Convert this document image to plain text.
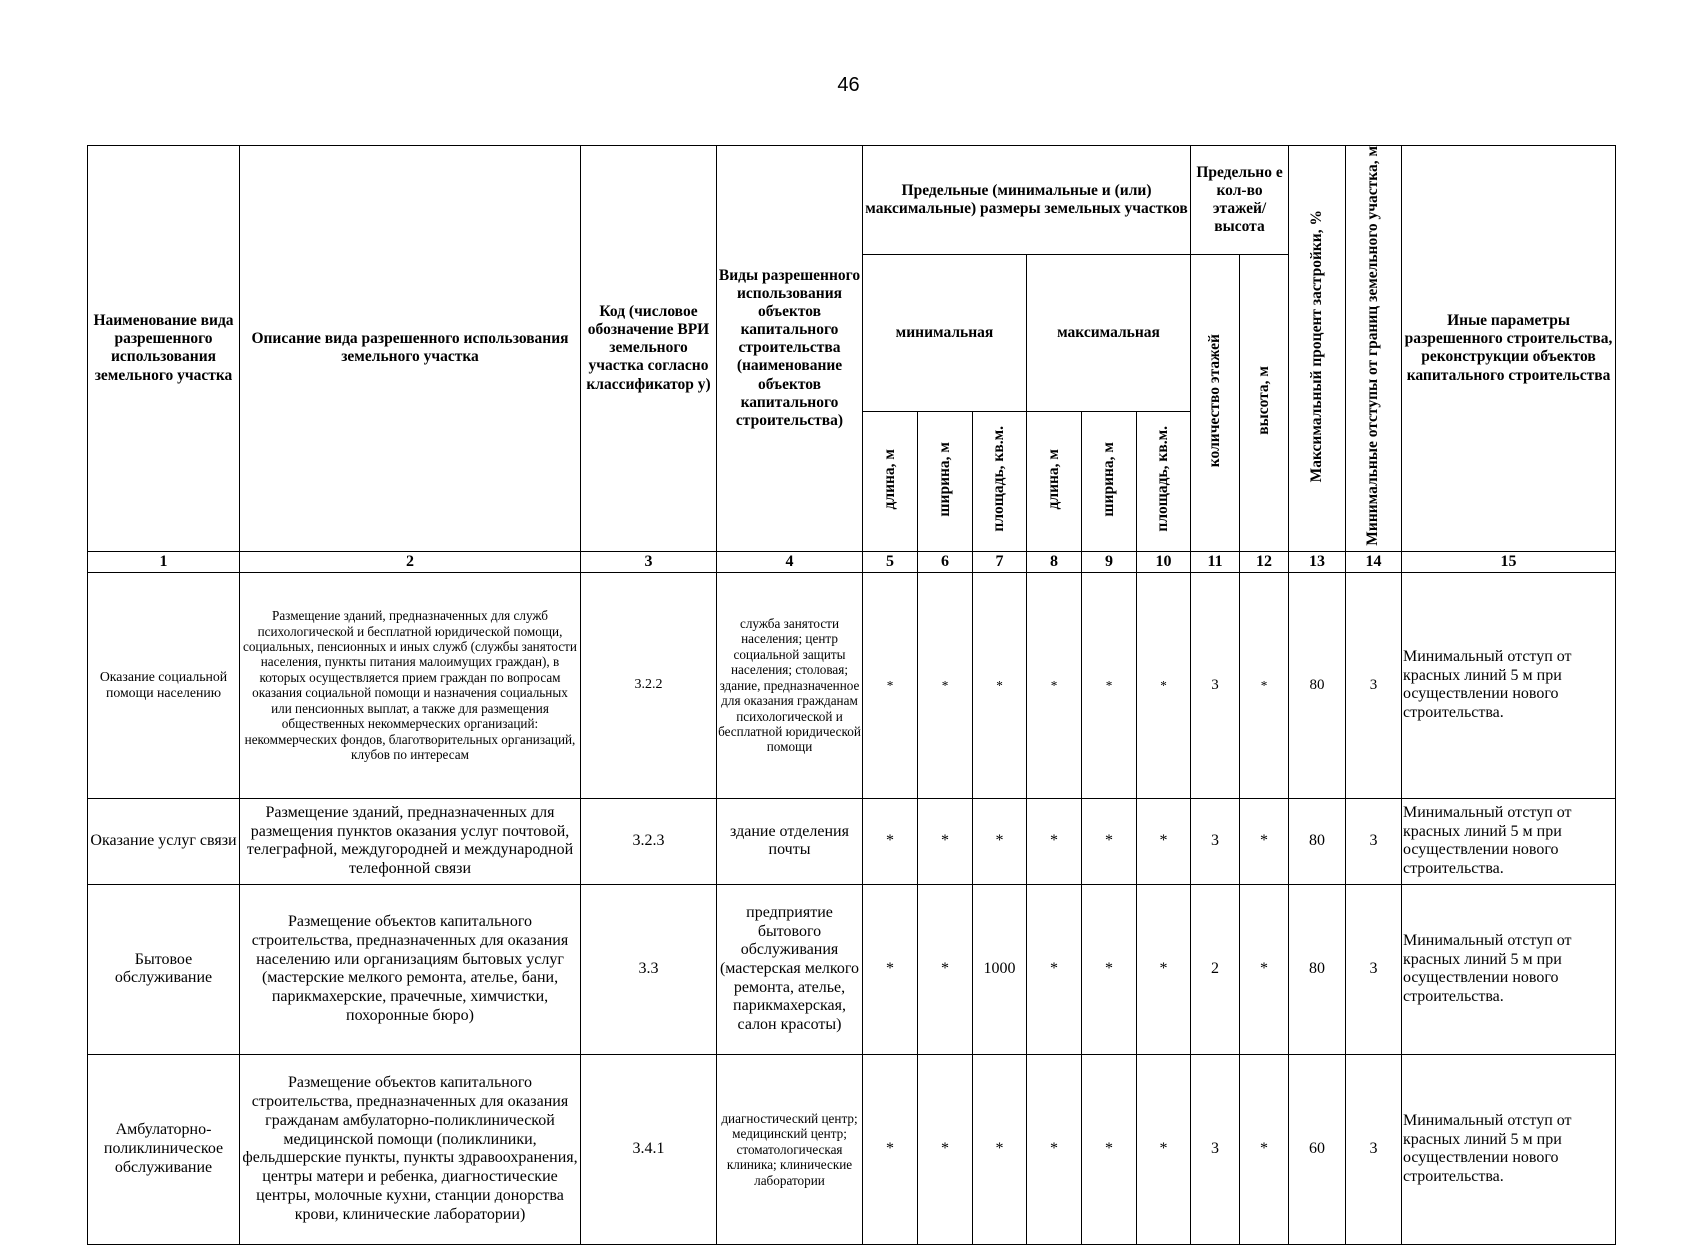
46
Наименование вида разрешенного использования земельного участка	Описание вида разрешенного использования земельного участка	Код (числовое обозначение ВРИ земельного участка согласно классификатор у)	Виды разрешенного использования объектов капитального строительства (наименование объектов капитального строительства)	Предельные (минимальные и (или) максимальные) размеры земельных участков						Предельно е кол-во этажей/ высота		Максимальный процент застройки, %	Минимальные отступы от границ земельного участка, м	Иные параметры разрешенного строительства, реконструкции объектов капитального строительства
				минимальная			максимальная			количество этажей	высота, м			
				длина, м	ширина, м	площадь, кв.м.	длина, м	ширина, м	площадь, кв.м.					
1	2	3	4	5	6	7	8	9	10	11	12	13	14	15
Оказание социальной помощи населению	Размещение зданий, предназначенных для служб психологической и бесплатной юридической помощи, социальных, пенсионных и иных служб (службы занятости населения, пункты питания малоимущих граждан), в которых осуществляется прием граждан по вопросам оказания социальной помощи и назначения социальных или пенсионных выплат, а также для размещения общественных некоммерческих организаций: некоммерческих фондов, благотворительных организаций, клубов по интересам	3.2.2	служба занятости населения; центр социальной защиты населения; столовая; здание, предназначенное для оказания гражданам психологической и бесплатной юридической помощи	*	*	*	*	*	*	3	*	80	3	Минимальный отступ от красных линий 5 м при осуществлении нового строительства.
Оказание услуг связи	Размещение зданий, предназначенных для размещения пунктов оказания услуг почтовой, телеграфной, междугородней и международной телефонной связи	3.2.3	здание отделения почты	*	*	*	*	*	*	3	*	80	3	Минимальный отступ от красных линий 5 м при осуществлении нового строительства.
Бытовое обслуживание	Размещение объектов капитального строительства, предназначенных для оказания населению или организациям бытовых услуг (мастерские мелкого ремонта, ателье, бани, парикмахерские, прачечные, химчистки, похоронные бюро)	3.3	предприятие бытового обслуживания (мастерская мелкого ремонта, ателье, парикмахерская, салон красоты)	*	*	1000	*	*	*	2	*	80	3	Минимальный отступ от красных линий 5 м при осуществлении нового строительства.
Амбулаторно-поликлиническое обслуживание	Размещение объектов капитального строительства, предназначенных для оказания гражданам амбулаторно-поликлинической медицинской помощи (поликлиники, фельдшерские пункты, пункты здравоохранения, центры матери и ребенка, диагностические центры, молочные кухни, станции донорства крови, клинические лаборатории)	3.4.1	диагностический центр; медицинский центр; стоматологическая клиника; клинические лаборатории	*	*	*	*	*	*	3	*	60	3	Минимальный отступ от красных линий 5 м при осуществлении нового строительства.
